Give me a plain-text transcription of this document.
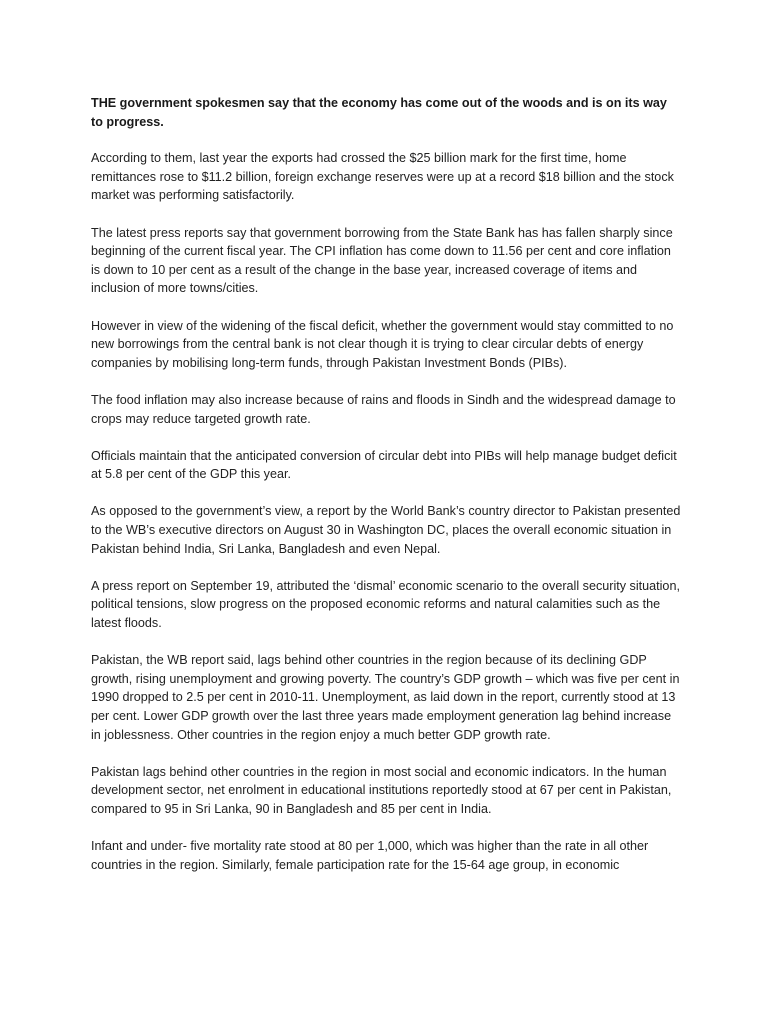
THE government spokesmen say that the economy has come out of the woods and is on its way to progress.

According to them, last year the exports had crossed the $25 billion mark for the first time, home remittances rose to $11.2 billion, foreign exchange reserves were up at a record $18 billion and the stock market was performing satisfactorily.

The latest press reports say that government borrowing from the State Bank has has fallen sharply since beginning of the current fiscal year. The CPI inflation has come down to 11.56 per cent and core inflation is down to 10 per cent as a result of the change in the base year, increased coverage of items and inclusion of more towns/cities.

However in view of the widening of the fiscal deficit, whether the government would stay committed to no new borrowings from the central bank is not clear though it is trying to clear circular debts of energy companies by mobilising long-term funds, through Pakistan Investment Bonds (PIBs).

The food inflation may also increase because of rains and floods in Sindh and the widespread damage to crops may reduce targeted growth rate.

Officials maintain that the anticipated conversion of circular debt into PIBs will help manage budget deficit at 5.8 per cent of the GDP this year.

As opposed to the government’s view, a report by the World Bank’s country director to Pakistan presented to the WB’s executive directors on August 30 in Washington DC, places the overall economic situation in Pakistan behind India, Sri Lanka, Bangladesh and even Nepal.

A press report on September 19, attributed the ‘dismal’ economic scenario to the overall security situation, political tensions, slow progress on the proposed economic reforms and natural calamities such as the latest floods.

Pakistan, the WB report said, lags behind other countries in the region because of its declining GDP growth, rising unemployment and growing poverty. The country’s GDP growth – which was five per cent in 1990 dropped to 2.5 per cent in 2010-11. Unemployment, as laid down in the report, currently stood at 13 per cent. Lower GDP growth over the last three years made employment generation lag behind increase in joblessness. Other countries in the region enjoy a much better GDP growth rate.

Pakistan lags behind other countries in the region in most social and economic indicators. In the human development sector, net enrolment in educational institutions reportedly stood at 67 per cent in Pakistan, compared to 95 in Sri Lanka, 90 in Bangladesh and 85 per cent in India.

Infant and under- five mortality rate stood at 80 per 1,000, which was higher than the rate in all other countries in the region. Similarly, female participation rate for the 15-64 age group, in economic
